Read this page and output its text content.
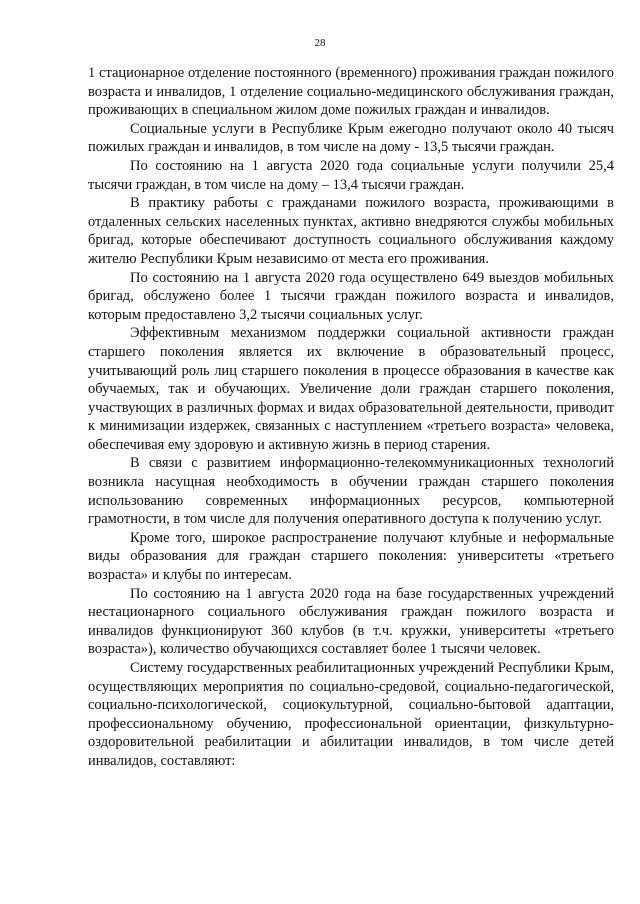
28

1 стационарное отделение постоянного (временного) проживания граждан пожилого возраста и инвалидов, 1 отделение социально-медицинского обслуживания граждан, проживающих в специальном жилом доме пожилых граждан и инвалидов.

Социальные услуги в Республике Крым ежегодно получают около 40 тысяч пожилых граждан и инвалидов, в том числе на дому - 13,5 тысячи граждан.

По состоянию на 1 августа 2020 года социальные услуги получили 25,4 тысячи граждан, в том числе на дому – 13,4 тысячи граждан.

В практику работы с гражданами пожилого возраста, проживающими в отдаленных сельских населенных пунктах, активно внедряются службы мобильных бригад, которые обеспечивают доступность социального обслуживания каждому жителю Республики Крым независимо от места его проживания.

По состоянию на 1 августа 2020 года осуществлено 649 выездов мобильных бригад, обслужено более 1 тысячи граждан пожилого возраста и инвалидов, которым предоставлено 3,2 тысячи социальных услуг.

Эффективным механизмом поддержки социальной активности граждан старшего поколения является их включение в образовательный процесс, учитывающий роль лиц старшего поколения в процессе образования в качестве как обучаемых, так и обучающих. Увеличение доли граждан старшего поколения, участвующих в различных формах и видах образовательной деятельности, приводит к минимизации издержек, связанных с наступлением «третьего возраста» человека, обеспечивая ему здоровую и активную жизнь в период старения.

В связи с развитием информационно-телекоммуникационных технологий возникла насущная необходимость в обучении граждан старшего поколения использованию современных информационных ресурсов, компьютерной грамотности, в том числе для получения оперативного доступа к получению услуг.

Кроме того, широкое распространение получают клубные и неформальные виды образования для граждан старшего поколения: университеты «третьего возраста» и клубы по интересам.

По состоянию на 1 августа 2020 года на базе государственных учреждений нестационарного социального обслуживания граждан пожилого возраста и инвалидов функционируют 360 клубов (в т.ч. кружки, университеты «третьего возраста»), количество обучающихся составляет более 1 тысячи человек.

Систему государственных реабилитационных учреждений Республики Крым, осуществляющих мероприятия по социально-средовой, социально-педагогической, социально-психологической, социокультурной, социально-бытовой адаптации, профессиональному обучению, профессиональной ориентации, физкультурно-оздоровительной реабилитации и абилитации инвалидов, в том числе детей инвалидов, составляют:
